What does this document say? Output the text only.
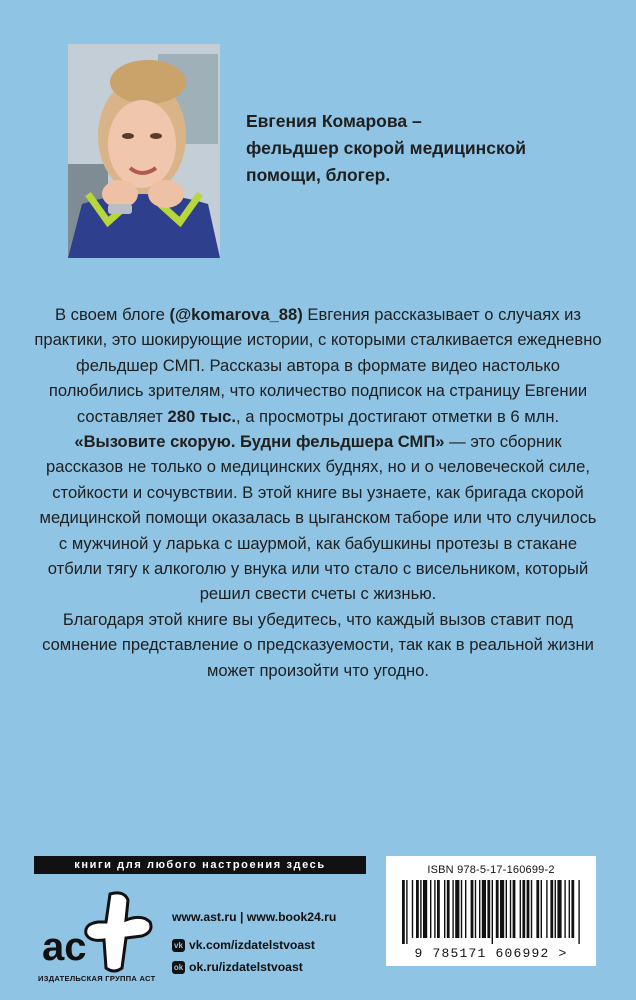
Евгения Комарова –
фельдшер скорой медицинской
помощи, блогер.

В своем блоге (@komarova_88) Евгения рассказывает о случаях из практики, это шокирующие истории, с которыми сталкивается ежедневно фельдшер СМП. Рассказы автора в формате видео настолько полюбились зрителям, что количество подписок на страницу Евгении составляет 280 тыс., а просмотры достигают отметки в 6 млн.

«Вызовите скорую. Будни фельдшера СМП» — это сборник рассказов не только о медицинских буднях, но и о человеческой силе, стойкости и сочувствии. В этой книге вы узнаете, как бригада скорой медицинской помощи оказалась в цыганском таборе или что случилось с мужчиной у ларька с шаурмой, как бабушкины протезы в стакане отбили тягу к алкоголю у внука или что стало с висельником, который решил свести счеты с жизнью.

Благодаря этой книге вы убедитесь, что каждый вызов ставит под сомнение представление о предсказуемости, так как в реальной жизни может произойти что угодно.

книги для любого настроения здесь
ac
ИЗДАТЕЛЬСКАЯ ГРУППА АСТ
www.ast.ru | www.book24.ru
vk vk.com/izdatelstvoast
ok ok.ru/izdatelstvoast
ISBN 978-5-17-160699-2
9 785171 606992 >
